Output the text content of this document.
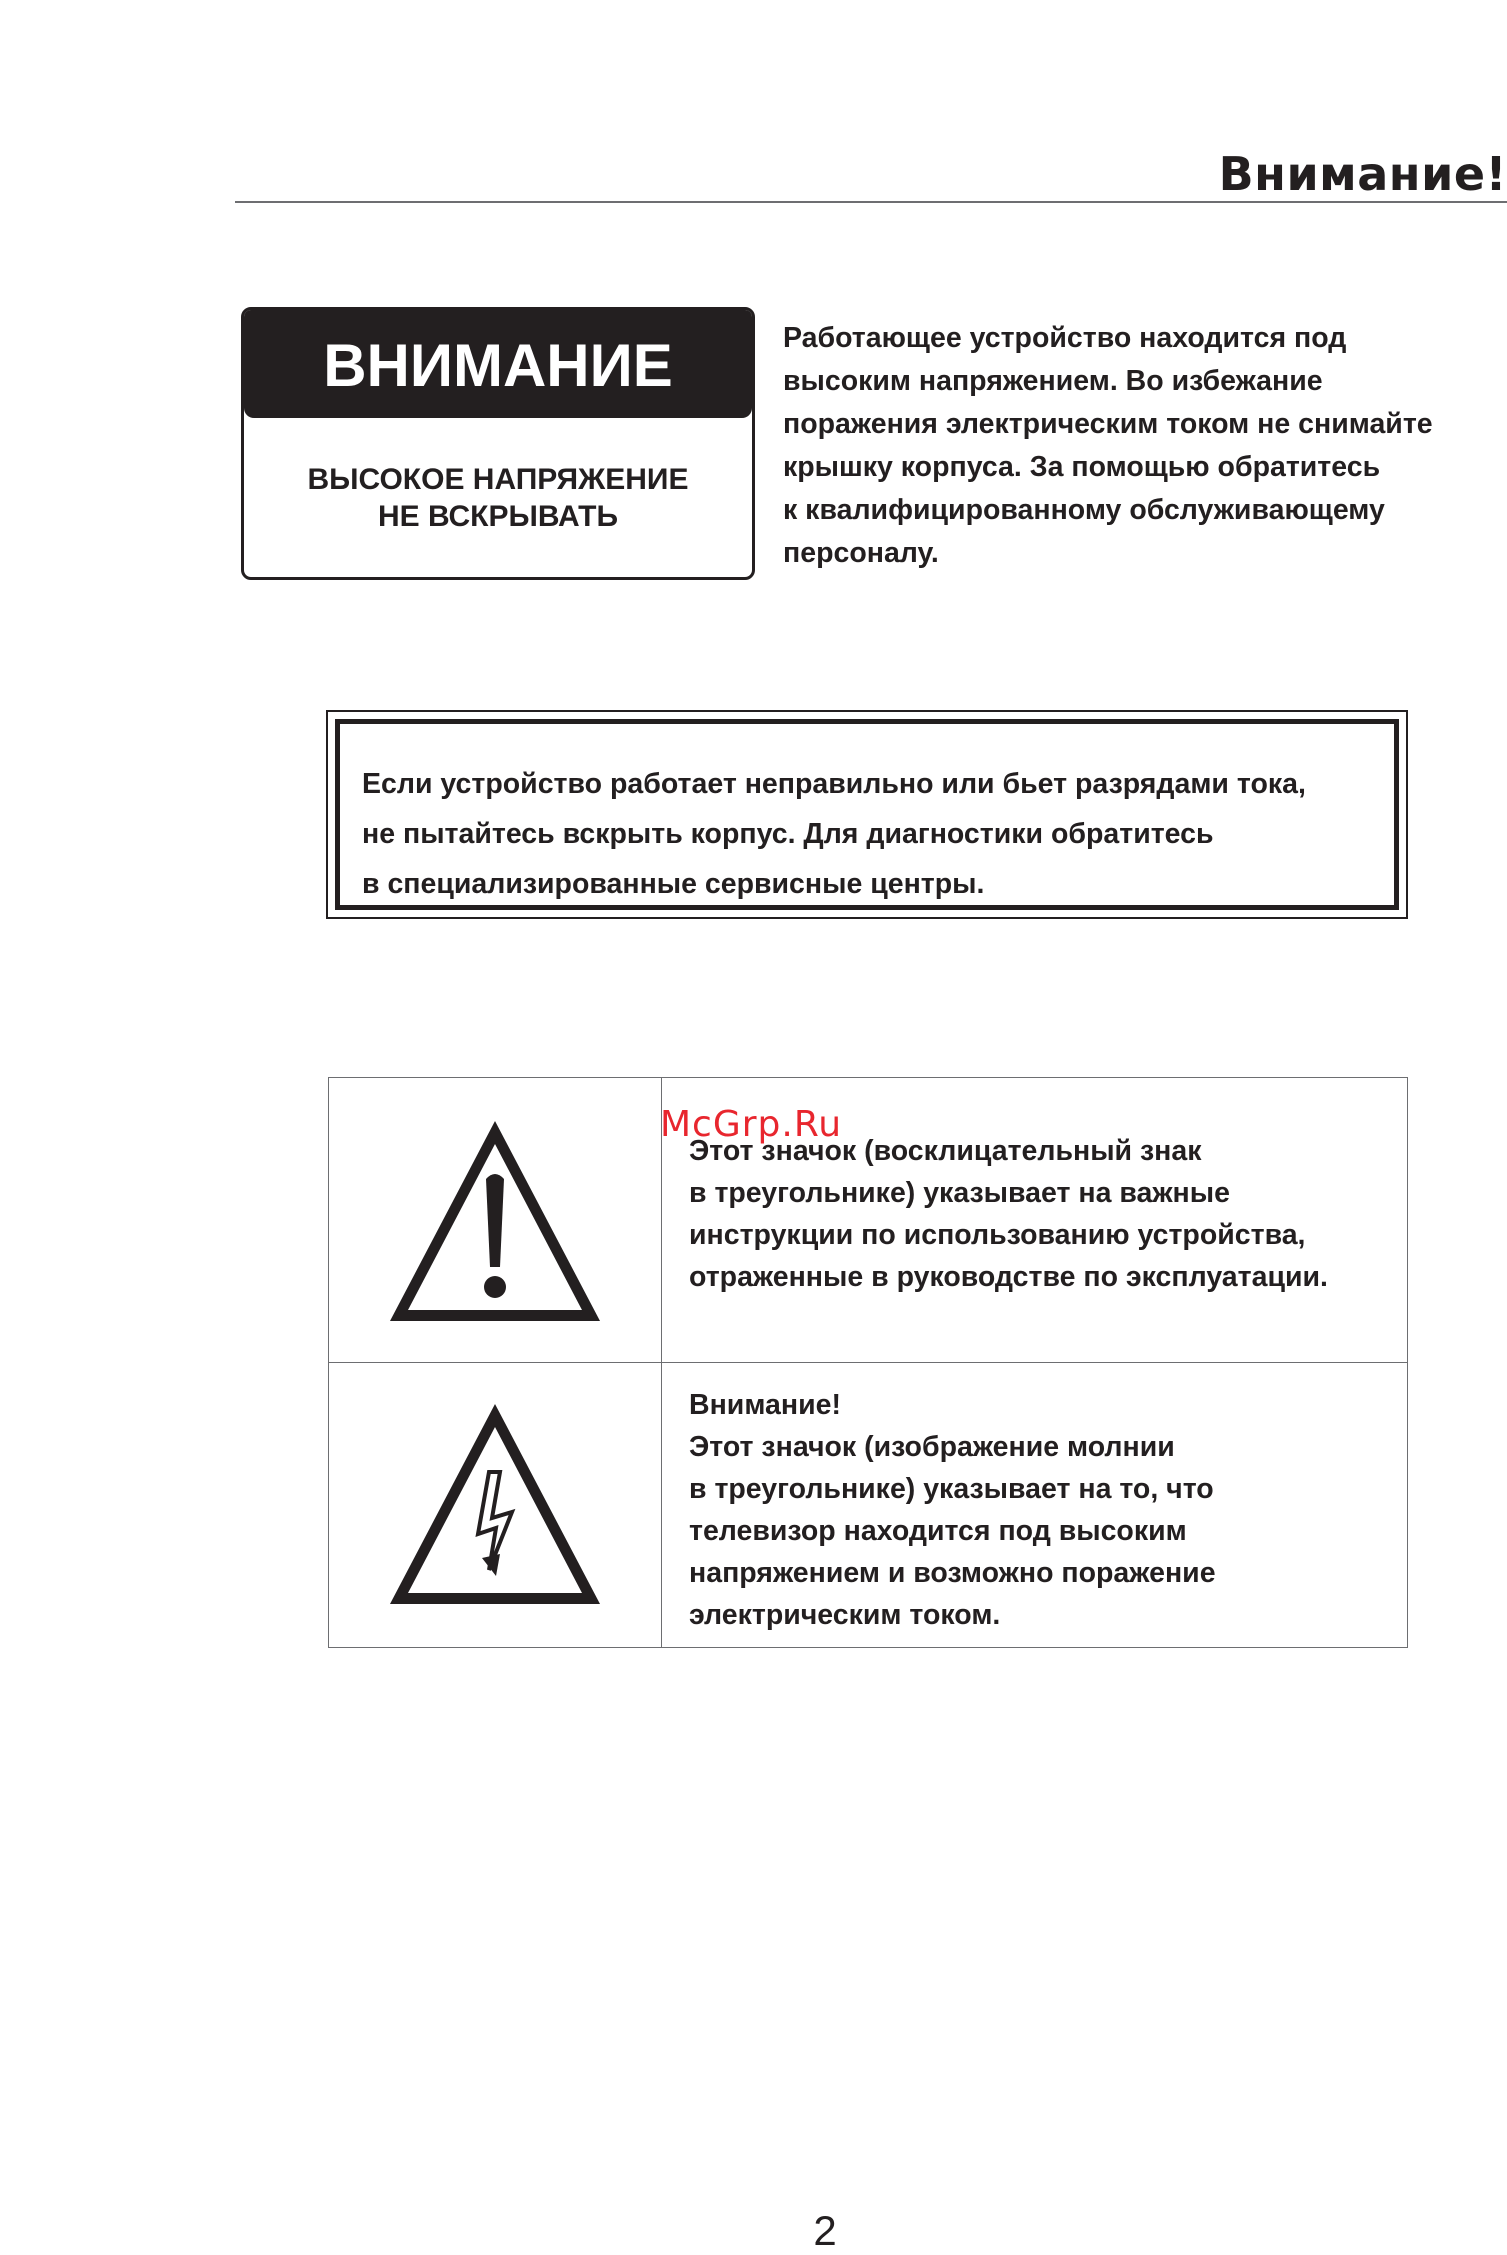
Внимание!
ВНИМАНИЕ
ВЫСОКОЕ НАПРЯЖЕНИЕ
НЕ ВСКРЫВАТЬ
Работающее устройство находится под
высоким напряжением. Во избежание
поражения электрическим током не снимайте
крышку корпуса. За помощью обратитесь
к квалифицированному обслуживающему
персоналу.
Если устройство работает неправильно или бьет разрядами тока,
не пытайтесь вскрыть корпус. Для диагностики обратитесь
в специализированные сервисные центры.
Этот значок (восклицательный знак
в треугольнике) указывает на важные
инструкции по использованию устройства,
отраженные в руководстве по эксплуатации.
Внимание!
Этот значок (изображение молнии
в треугольнике) указывает на то, что
телевизор находится под высоким
напряжением и возможно поражение
электрическим током.
McGrp.Ru
2
